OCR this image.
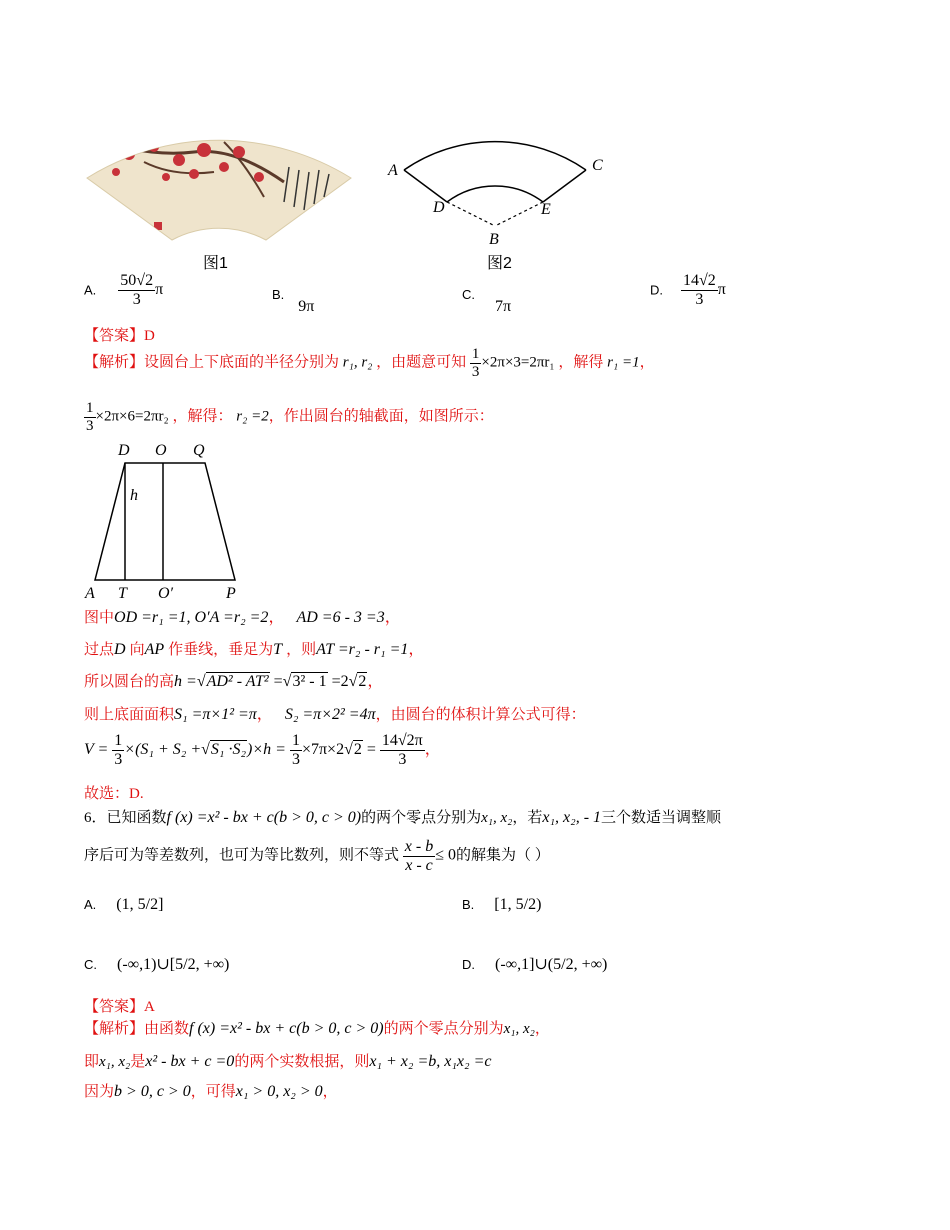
图1
A	C
D	E
B
图2
A. $\frac{50√2}{3}$ π	B. 9π
C. 7π
D. $\frac{14√2}{3}$ π
【答案】D
【解析】设圆台上下底面的半径分别为 r₁, r₂ ，由题意可知 $\frac{1}{3} \times 2\pi\times 3=2\pi r_1$ ，解得 r₁ =1，
$\frac{1}{3} \times 2\pi\times 6=2\pi r_2$ ，解得： r₂ =2，作出圆台的轴截面，如图所示：
D O Q
h
A T O′	P
图中OD =r₁ =1, O′A =r₂ =2， AD =6 - 3 =3，
过点D 向AP 作垂线，垂足为T ，则AT =r₂ - r₁ =1，
所以圆台的高h =√AD² - AT² =√3² - 1 =2√2，
则上底面面积S₁ =π×1² =π， S₂ =π×2² =4π，由圆台的体积计算公式可得：
$V = \frac{1}{3} \times(S_1 + S_2 +√S_1 \cdot S_2)\times h = \frac{1}{3} \times 7\pi\times 2√2 = \frac{14√2\pi}{3}$ ，
故选：D.
6．已知函数f (x) =x² - bx + c(b > 0, c > 0)的两个零点分别为x₁, x₂，若x₁, x₂, - 1三个数适当调整顺
序后可为等差数列，也可为等比数列，则不等式 $\frac{x - b}{x - c} \le 0$的解集为（ ）
A. (1, 5/2]	B. [1, 5/2)
C. (-∞,1)∪[5/2, +∞)	D. (-∞,1]∪(5/2, +∞)
【答案】A
【解析】由函数f (x) =x² - bx + c(b > 0, c > 0)的两个零点分别为x₁, x₂，
即x₁, x₂是x² - bx + c =0的两个实数根据，则x₁ + x₂ =b, x₁x₂ =c
因为b > 0, c > 0，可得x₁ > 0, x₂ > 0，
